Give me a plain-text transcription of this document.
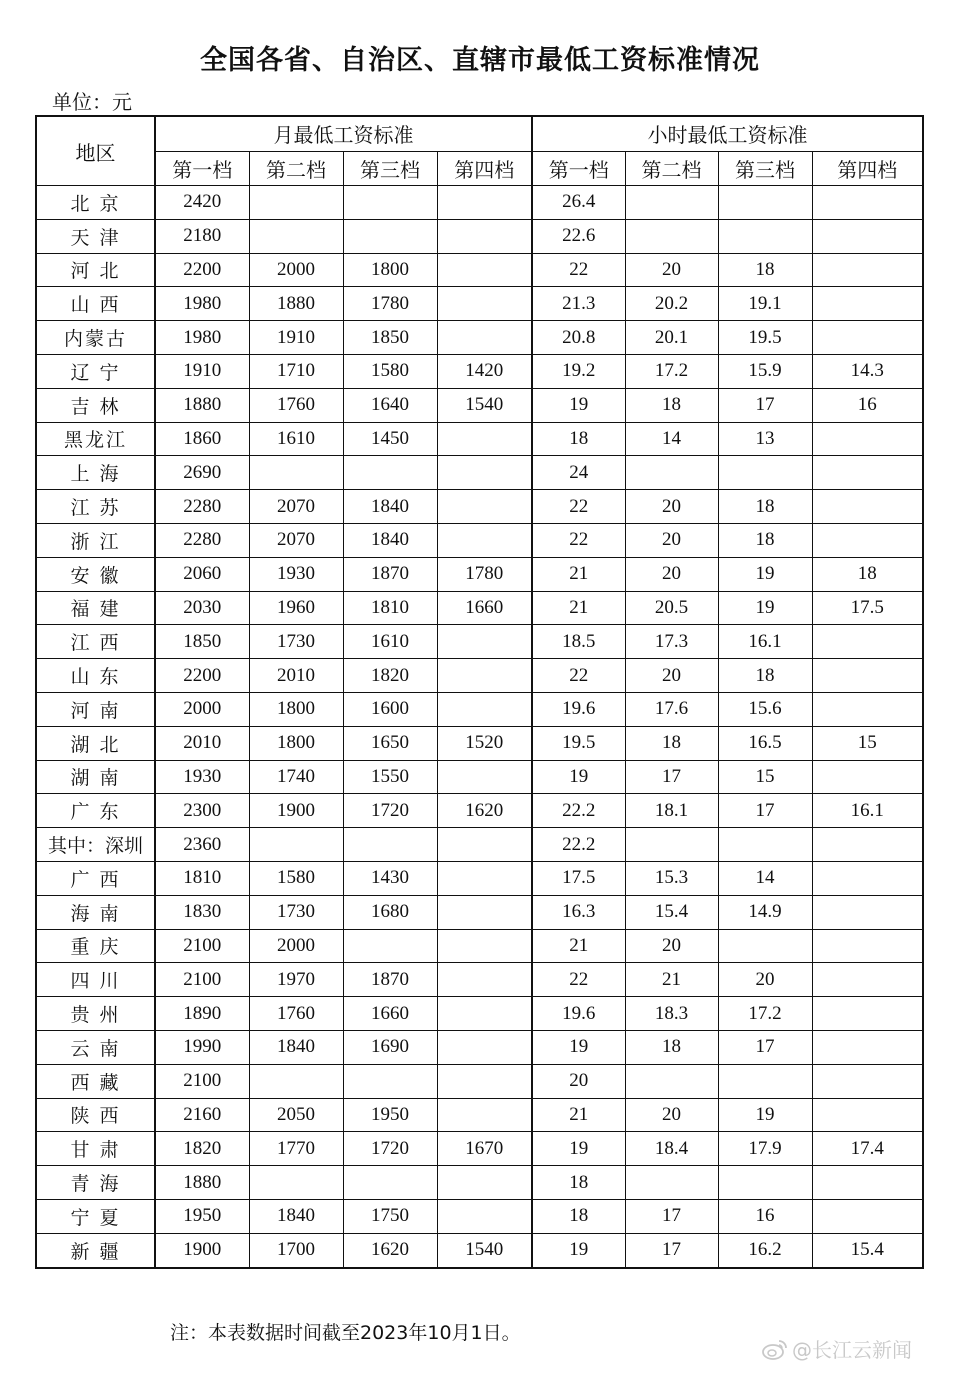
全国各省、自治区、直辖市最低工资标准情况
单位：元
地区	月最低工资标准				小时最低工资标准			
	第一档	第二档	第三档	第四档	第一档	第二档	第三档	第四档
北 京	2420				26.4			
天 津	2180				22.6			
河 北	2200	2000	1800		22	20	18	
山 西	1980	1880	1780		21.3	20.2	19.1	
内蒙古	1980	1910	1850		20.8	20.1	19.5	
辽 宁	1910	1710	1580	1420	19.2	17.2	15.9	14.3
吉 林	1880	1760	1640	1540	19	18	17	16
黑龙江	1860	1610	1450		18	14	13	
上 海	2690				24			
江 苏	2280	2070	1840		22	20	18	
浙 江	2280	2070	1840		22	20	18	
安 徽	2060	1930	1870	1780	21	20	19	18
福 建	2030	1960	1810	1660	21	20.5	19	17.5
江 西	1850	1730	1610		18.5	17.3	16.1	
山 东	2200	2010	1820		22	20	18	
河 南	2000	1800	1600		19.6	17.6	15.6	
湖 北	2010	1800	1650	1520	19.5	18	16.5	15
湖 南	1930	1740	1550		19	17	15	
广 东	2300	1900	1720	1620	22.2	18.1	17	16.1
其中：深圳	2360				22.2			
广 西	1810	1580	1430		17.5	15.3	14	
海 南	1830	1730	1680		16.3	15.4	14.9	
重 庆	2100	2000			21	20		
四 川	2100	1970	1870		22	21	20	
贵 州	1890	1760	1660		19.6	18.3	17.2	
云 南	1990	1840	1690		19	18	17	
西 藏	2100				20			
陕 西	2160	2050	1950		21	20	19	
甘 肃	1820	1770	1720	1670	19	18.4	17.9	17.4
青 海	1880				18			
宁 夏	1950	1840	1750		18	17	16	
新 疆	1900	1700	1620	1540	19	17	16.2	15.4
注：本表数据时间截至2023年10月1日。
@长江云新闻
